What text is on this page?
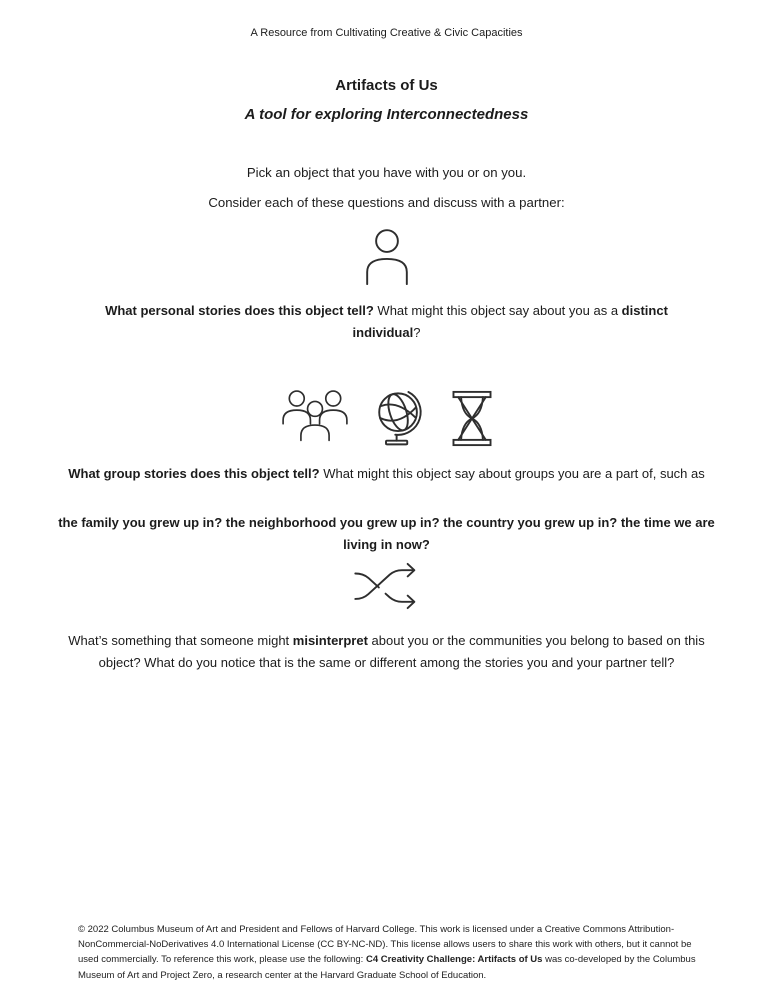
A Resource from Cultivating Creative & Civic Capacities
Artifacts of Us
A tool for exploring Interconnectedness

Pick an object that you have with you or on you.

Consider each of these questions and discuss with a partner:

What personal stories does this object tell? What might this object say about you as a distinct individual?

What group stories does this object tell? What might this object say about groups you are a part of, such as

the family you grew up in? the neighborhood you grew up in? the country you grew up in? the time we are living in now?

What’s something that someone might misinterpret about you or the communities you belong to based on this object? What do you notice that is the same or different among the stories you and your partner tell?

© 2022 Columbus Museum of Art and President and Fellows of Harvard College. This work is licensed under a Creative Commons Attribution-NonCommercial-NoDerivatives 4.0 International License (CC BY-NC-ND). This license allows users to share this work with others, but it cannot be used commercially. To reference this work, please use the following: C4 Creativity Challenge: Artifacts of Us was co-developed by the Columbus Museum of Art and Project Zero, a research center at the Harvard Graduate School of Education.
